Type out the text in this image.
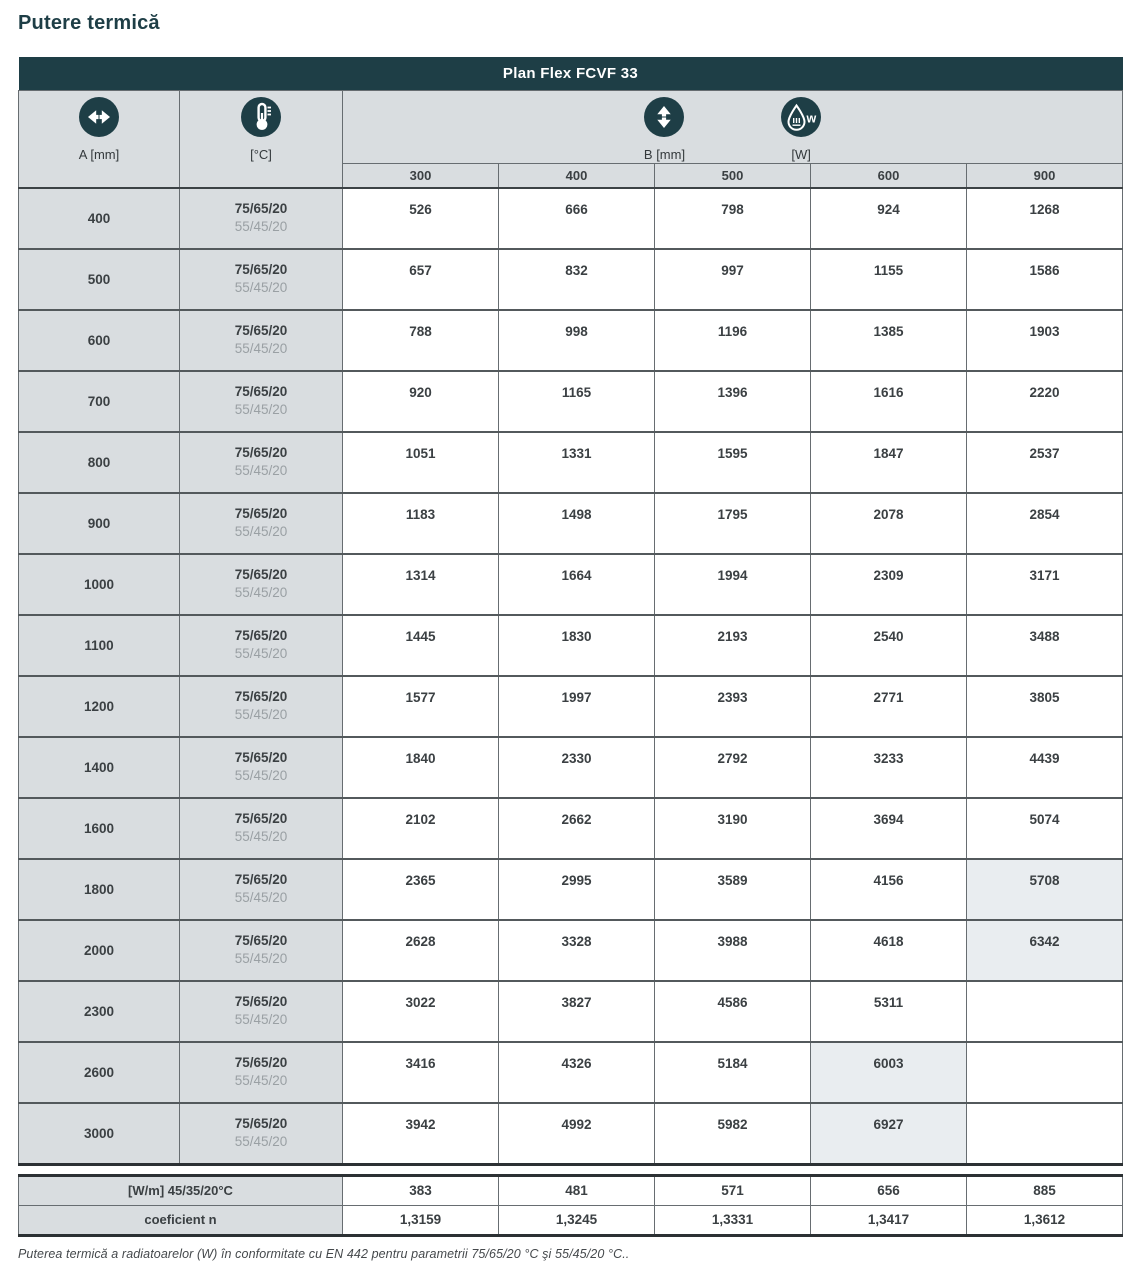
Putere termică
Plan Flex FCVF 33						

A [mm]	[°C]	B [mm]
w
[W]				

		300	400	500	600	900
400	75/65/20
55/45/20	526	666	798	924	1268
500	75/65/20
55/45/20	657	832	997	1155	1586
600	75/65/20
55/45/20	788	998	1196	1385	1903
700	75/65/20
55/45/20	920	1165	1396	1616	2220
800	75/65/20
55/45/20	1051	1331	1595	1847	2537
900	75/65/20
55/45/20	1183	1498	1795	2078	2854
1000	75/65/20
55/45/20	1314	1664	1994	2309	3171
1100	75/65/20
55/45/20	1445	1830	2193	2540	3488
1200	75/65/20
55/45/20	1577	1997	2393	2771	3805
1400	75/65/20
55/45/20	1840	2330	2792	3233	4439
1600	75/65/20
55/45/20	2102	2662	3190	3694	5074
1800	75/65/20
55/45/20	2365	2995	3589	4156	5708
2000	75/65/20
55/45/20	2628	3328	3988	4618	6342
2300	75/65/20
55/45/20	3022	3827	4586	5311	
2600	75/65/20
55/45/20	3416	4326	5184	6003	
3000	75/65/20
55/45/20	3942	4992	5982	6927	
[W/m] 45/35/20°C	383	481	571	656	885
coeficient n	1,3159	1,3245	1,3331	1,3417	1,3612

Puterea termică a radiatoarelor (W) în conformitate cu EN 442 pentru parametrii 75/65/20 °C şi 55/45/20 °C..
